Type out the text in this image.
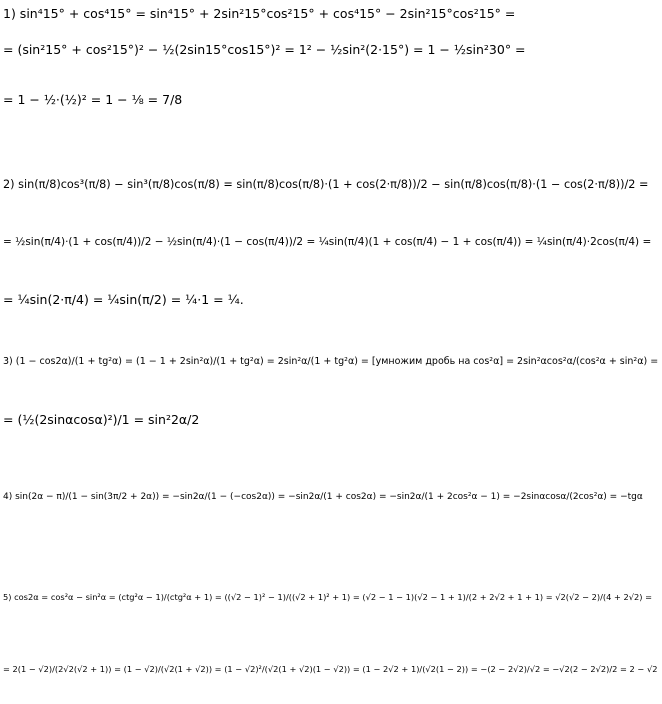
1) sin⁴15° + cos⁴15° = sin⁴15° + 2sin²15°cos²15° + cos⁴15° − 2sin²15°cos²15° =
= (sin²15° + cos²15°)² − ½(2sin15°cos15°)² = 1² − ½sin²(2·15°) = 1 − ½sin²30° =
= 1 − ½·(½)² = 1 − ⅛ = 7/8
2) sin(π/8)cos³(π/8) − sin³(π/8)cos(π/8) = sin(π/8)cos(π/8)·(1 + cos(2·π/8))/2 − sin(π/8)cos(π/8)·(1 − cos(2·π/8))/2 =
= ½sin(π/4)·(1 + cos(π/4))/2 − ½sin(π/4)·(1 − cos(π/4))/2 = ¼sin(π/4)(1 + cos(π/4) − 1 + cos(π/4)) = ¼sin(π/4)·2cos(π/4) =
= ¼sin(2·π/4) = ¼sin(π/2) = ¼·1 = ¼.
3) (1 − cos2α)/(1 + tg²α) = (1 − 1 + 2sin²α)/(1 + tg²α) = 2sin²α/(1 + tg²α) = [умножим дробь на cos²α] = 2sin²αcos²α/(cos²α + sin²α) =
= (½(2sinαcosα)²)/1 = sin²2α/2
4) sin(2α − π)/(1 − sin(3π/2 + 2α)) = −sin2α/(1 − (−cos2α)) = −sin2α/(1 + cos2α) = −sin2α/(1 + 2cos²α − 1) = −2sinαcosα/(2cos²α) = −tgα
5) cos2α = cos²α − sin²α = (ctg²α − 1)/(ctg²α + 1) = ((√2 − 1)² − 1)/((√2 + 1)² + 1) = (√2 − 1 − 1)(√2 − 1 + 1)/(2 + 2√2 + 1 + 1) = √2(√2 − 2)/(4 + 2√2) =
= 2(1 − √2)/(2√2(√2 + 1)) = (1 − √2)/(√2(1 + √2)) = (1 − √2)²/(√2(1 + √2)(1 − √2)) = (1 − 2√2 + 1)/(√2(1 − 2)) = −(2 − 2√2)/√2 = −√2(2 − 2√2)/2 = 2 − √2
